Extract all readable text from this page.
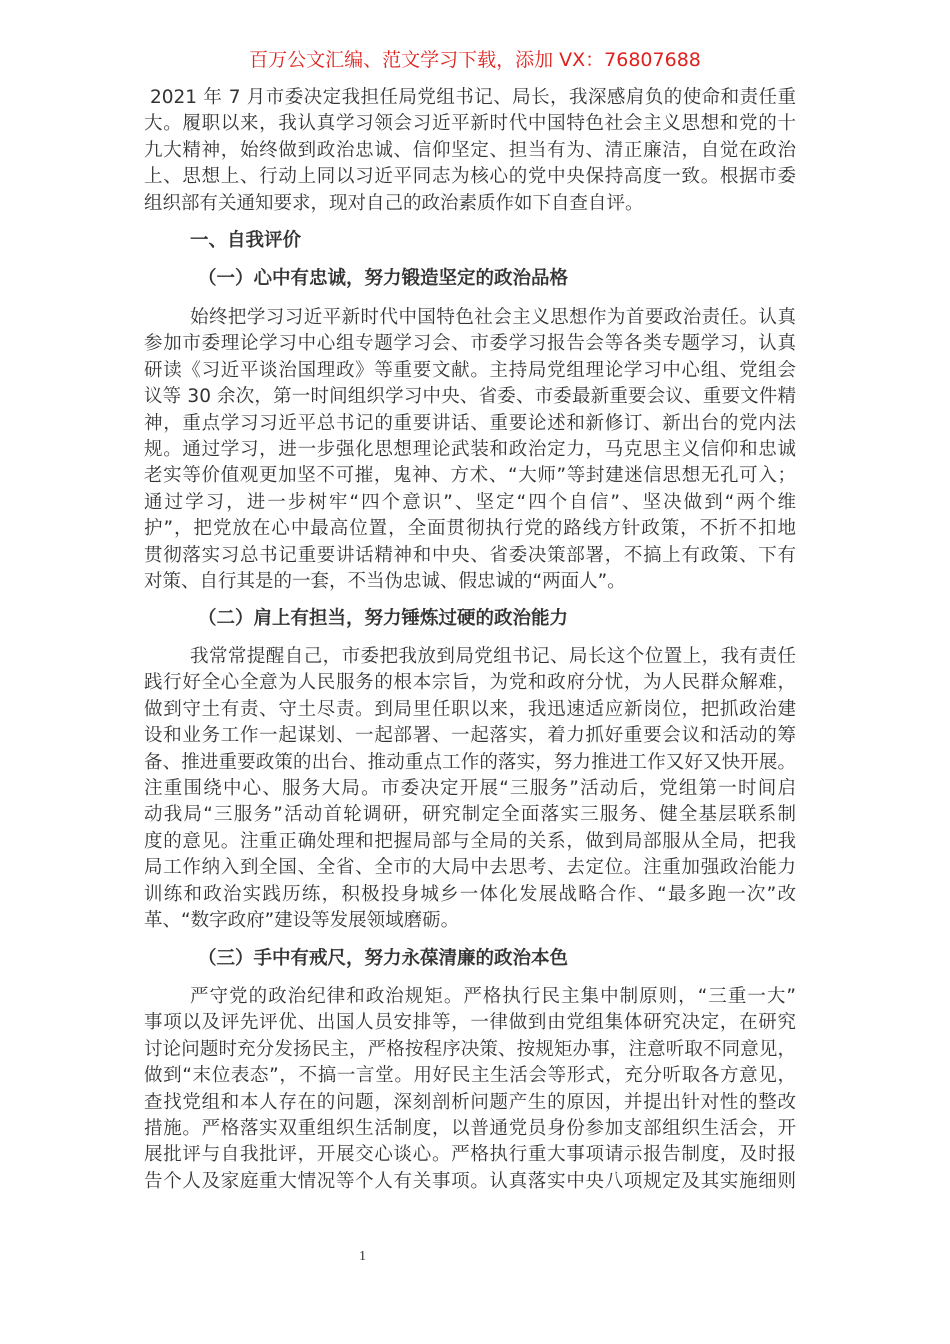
百万公文汇编、范文学习下载，添加 VX：76807688
2021 年 7 月市委决定我担任局党组书记、局长，我深感肩负的使命和责任重
大。履职以来，我认真学习领会习近平新时代中国特色社会主义思想和党的十
九大精神，始终做到政治忠诚、信仰坚定、担当有为、清正廉洁，自觉在政治
上、思想上、行动上同以习近平同志为核心的党中央保持高度一致。根据市委
组织部有关通知要求，现对自己的政治素质作如下自查自评。
一、自我评价
（一）心中有忠诚，努力锻造坚定的政治品格
始终把学习习近平新时代中国特色社会主义思想作为首要政治责任。认真
参加市委理论学习中心组专题学习会、市委学习报告会等各类专题学习，认真
研读《习近平谈治国理政》等重要文献。主持局党组理论学习中心组、党组会
议等 30 余次，第一时间组织学习中央、省委、市委最新重要会议、重要文件精
神，重点学习习近平总书记的重要讲话、重要论述和新修订、新出台的党内法
规。通过学习，进一步强化思想理论武装和政治定力，马克思主义信仰和忠诚
老实等价值观更加坚不可摧，鬼神、方术、“大师”等封建迷信思想无孔可入；
通过学习，进一步树牢“四个意识”、坚定“四个自信”、坚决做到“两个维
护”，把党放在心中最高位置，全面贯彻执行党的路线方针政策，不折不扣地
贯彻落实习总书记重要讲话精神和中央、省委决策部署，不搞上有政策、下有
对策、自行其是的一套，不当伪忠诚、假忠诚的“两面人”。
（二）肩上有担当，努力锤炼过硬的政治能力
我常常提醒自己，市委把我放到局党组书记、局长这个位置上，我有责任
践行好全心全意为人民服务的根本宗旨，为党和政府分忧，为人民群众解难，
做到守土有责、守土尽责。到局里任职以来，我迅速适应新岗位，把抓政治建
设和业务工作一起谋划、一起部署、一起落实，着力抓好重要会议和活动的筹
备、推进重要政策的出台、推动重点工作的落实，努力推进工作又好又快开展。
注重围绕中心、服务大局。市委决定开展“三服务”活动后，党组第一时间启
动我局“三服务”活动首轮调研，研究制定全面落实三服务、健全基层联系制
度的意见。注重正确处理和把握局部与全局的关系，做到局部服从全局，把我
局工作纳入到全国、全省、全市的大局中去思考、去定位。注重加强政治能力
训练和政治实践历练，积极投身城乡一体化发展战略合作、“最多跑一次”改
革、“数字政府”建设等发展领域磨砺。
（三）手中有戒尺，努力永葆清廉的政治本色
严守党的政治纪律和政治规矩。严格执行民主集中制原则，“三重一大”
事项以及评先评优、出国人员安排等，一律做到由党组集体研究决定，在研究
讨论问题时充分发扬民主，严格按程序决策、按规矩办事，注意听取不同意见，
做到“末位表态”，不搞一言堂。用好民主生活会等形式，充分听取各方意见，
查找党组和本人存在的问题，深刻剖析问题产生的原因，并提出针对性的整改
措施。严格落实双重组织生活制度，以普通党员身份参加支部组织生活会，开
展批评与自我批评，开展交心谈心。严格执行重大事项请示报告制度，及时报
告个人及家庭重大情况等个人有关事项。认真落实中央八项规定及其实施细则
1
